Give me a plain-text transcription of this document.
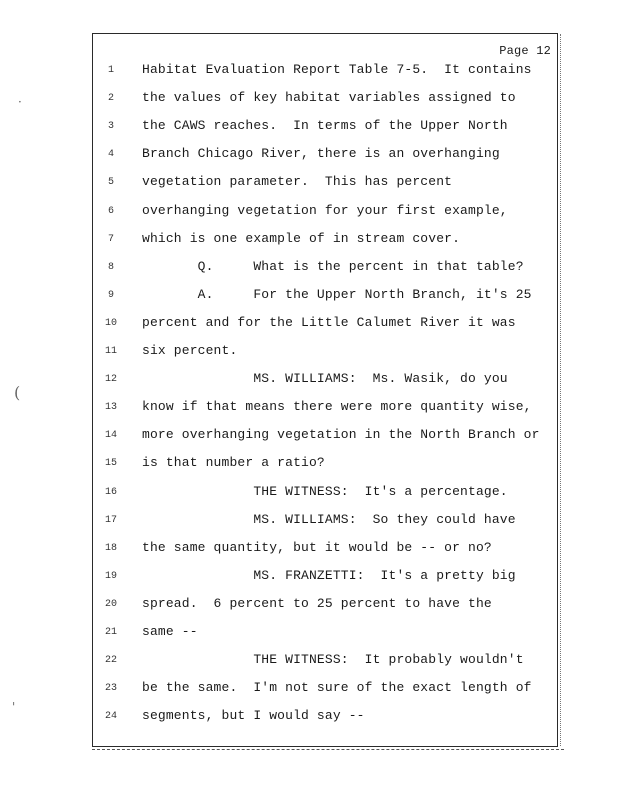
Page 12
1	Habitat Evaluation Report Table 7-5.  It contains
2	the values of key habitat variables assigned to
3	the CAWS reaches.  In terms of the Upper North
4	Branch Chicago River, there is an overhanging
5	vegetation parameter.  This has percent
6	overhanging vegetation for your first example,
7	which is one example of in stream cover.
8	Q.     What is the percent in that table?
9	A.     For the Upper North Branch, it's 25
10	percent and for the Little Calumet River it was
11	six percent.
12	MS. WILLIAMS:  Ms. Wasik, do you
13	know if that means there were more quantity wise,
14	more overhanging vegetation in the North Branch or
15	is that number a ratio?
16	THE WITNESS:  It's a percentage.
17	MS. WILLIAMS:  So they could have
18	the same quantity, but it would be -- or no?
19	MS. FRANZETTI:  It's a pretty big
20	spread.  6 percent to 25 percent to have the
21	same --
22	THE WITNESS:  It probably wouldn't
23	be the same.  I'm not sure of the exact length of
24	segments, but I would say --
·
(
'
